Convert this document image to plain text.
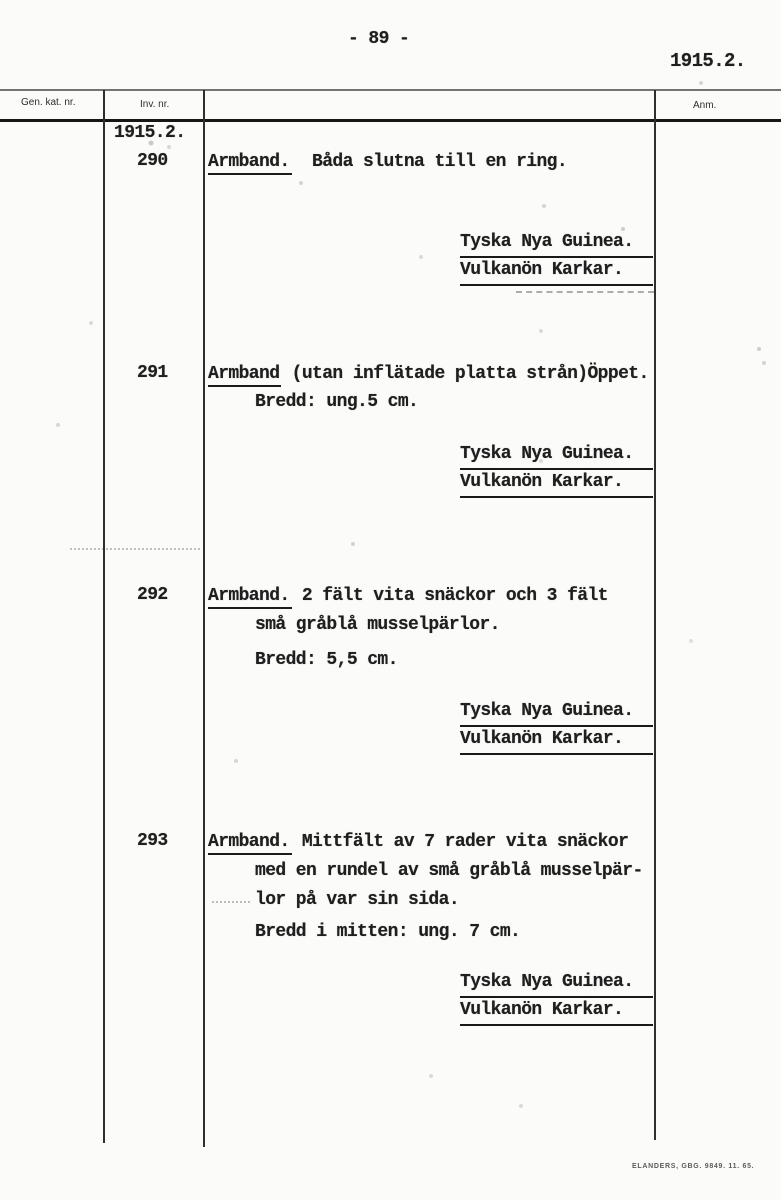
- 89 -
1915.2.
Gen. kat. nr.	Inv. nr.	Anm.
1915.2.
290 Armband.  Båda slutna till en ring.
Tyska Nya Guinea.
Vulkanön Karkar.
291 Armband (utan inflätade platta strån)Öppet.
Bredd: ung.5 cm.
Tyska Nya Guinea.
Vulkanön Karkar.
292 Armband. 2 fält vita snäckor och 3 fält
små gråblå musselpärlor.
Bredd: 5,5 cm.
Tyska Nya Guinea.
Vulkanön Karkar.
293 Armband. Mittfält av 7 rader vita snäckor
med en rundel av små gråblå musselpär-
lor på var sin sida.
Bredd i mitten: ung. 7 cm.
Tyska Nya Guinea.
Vulkanön Karkar.
ELANDERS, GBG. 9849. 11. 65.
